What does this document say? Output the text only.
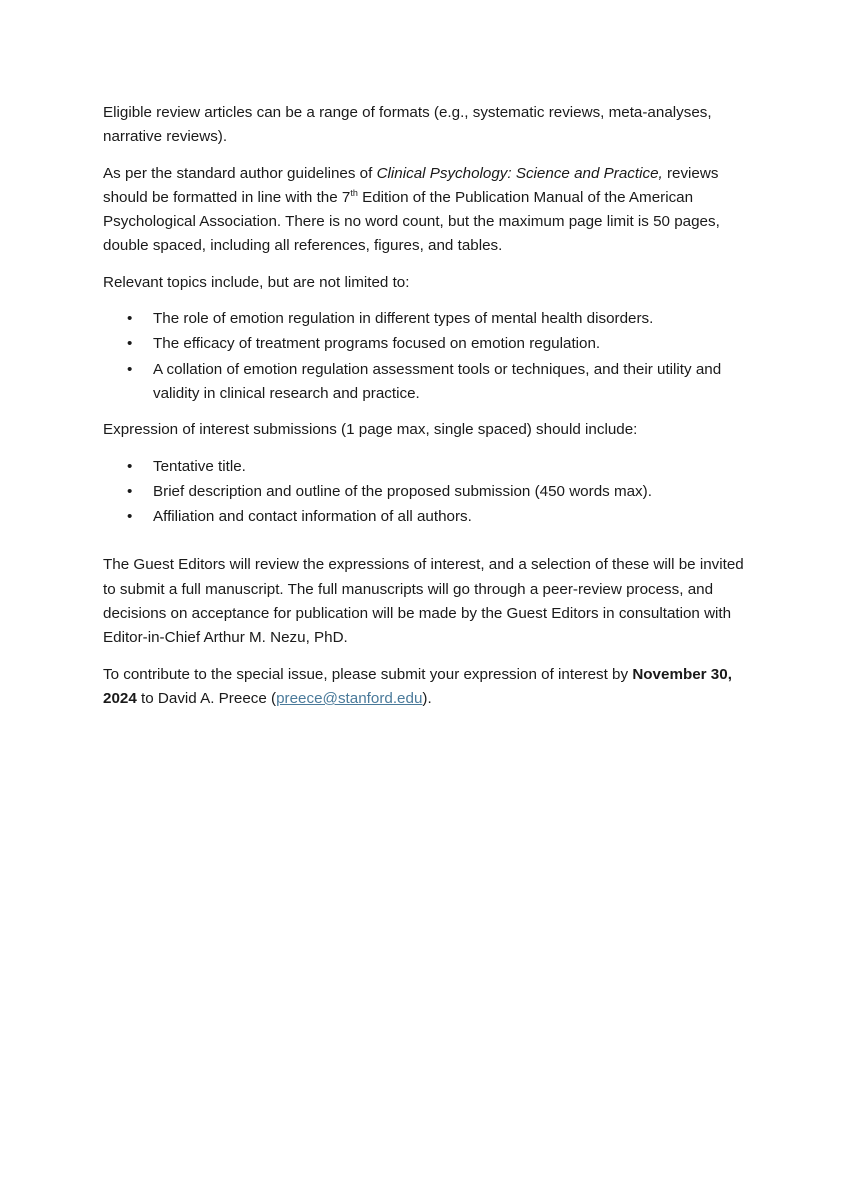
Eligible review articles can be a range of formats (e.g., systematic reviews, meta-analyses, narrative reviews).

As per the standard author guidelines of Clinical Psychology: Science and Practice, reviews should be formatted in line with the 7th Edition of the Publication Manual of the American Psychological Association. There is no word count, but the maximum page limit is 50 pages, double spaced, including all references, figures, and tables.

Relevant topics include, but are not limited to:

• The role of emotion regulation in different types of mental health disorders.
• The efficacy of treatment programs focused on emotion regulation.
• A collation of emotion regulation assessment tools or techniques, and their utility and validity in clinical research and practice.

Expression of interest submissions (1 page max, single spaced) should include:

• Tentative title.
• Brief description and outline of the proposed submission (450 words max).
• Affiliation and contact information of all authors.

The Guest Editors will review the expressions of interest, and a selection of these will be invited to submit a full manuscript. The full manuscripts will go through a peer-review process, and decisions on acceptance for publication will be made by the Guest Editors in consultation with Editor-in-Chief Arthur M. Nezu, PhD.

To contribute to the special issue, please submit your expression of interest by November 30, 2024 to David A. Preece (preece@stanford.edu).
